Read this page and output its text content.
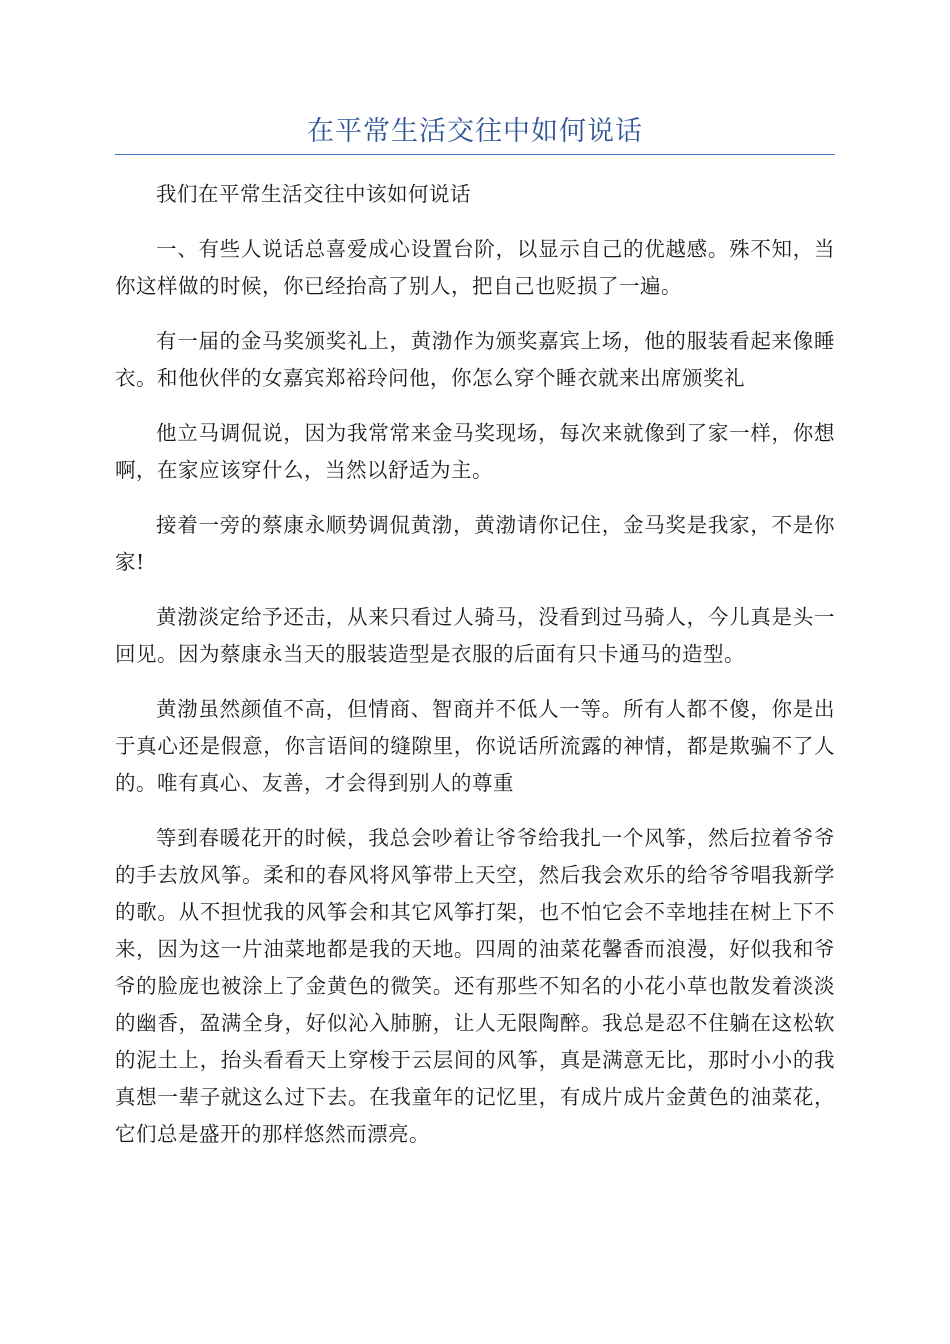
在平常生活交往中如何说话

我们在平常生活交往中该如何说话

一、有些人说话总喜爱成心设置台阶，以显示自己的优越感。殊不知，当你这样做的时候，你已经抬高了别人，把自己也贬损了一遍。

有一届的金马奖颁奖礼上，黄渤作为颁奖嘉宾上场，他的服装看起来像睡衣。和他伙伴的女嘉宾郑裕玲问他，你怎么穿个睡衣就来出席颁奖礼

他立马调侃说，因为我常常来金马奖现场，每次来就像到了家一样，你想啊，在家应该穿什么，当然以舒适为主。

接着一旁的蔡康永顺势调侃黄渤，黄渤请你记住，金马奖是我家，不是你家!

黄渤淡定给予还击，从来只看过人骑马，没看到过马骑人，今儿真是头一回见。因为蔡康永当天的服装造型是衣服的后面有只卡通马的造型。

黄渤虽然颜值不高，但情商、智商并不低人一等。所有人都不傻，你是出于真心还是假意，你言语间的缝隙里，你说话所流露的神情，都是欺骗不了人的。唯有真心、友善，才会得到别人的尊重

等到春暖花开的时候，我总会吵着让爷爷给我扎一个风筝，然后拉着爷爷的手去放风筝。柔和的春风将风筝带上天空，然后我会欢乐的给爷爷唱我新学的歌。从不担忧我的风筝会和其它风筝打架，也不怕它会不幸地挂在树上下不来，因为这一片油菜地都是我的天地。四周的油菜花馨香而浪漫，好似我和爷爷的脸庞也被涂上了金黄色的微笑。还有那些不知名的小花小草也散发着淡淡的幽香，盈满全身，好似沁入肺腑，让人无限陶醉。我总是忍不住躺在这松软的泥土上，抬头看看天上穿梭于云层间的风筝，真是满意无比，那时小小的我真想一辈子就这么过下去。在我童年的记忆里，有成片成片金黄色的油菜花，它们总是盛开的那样悠然而漂亮。
